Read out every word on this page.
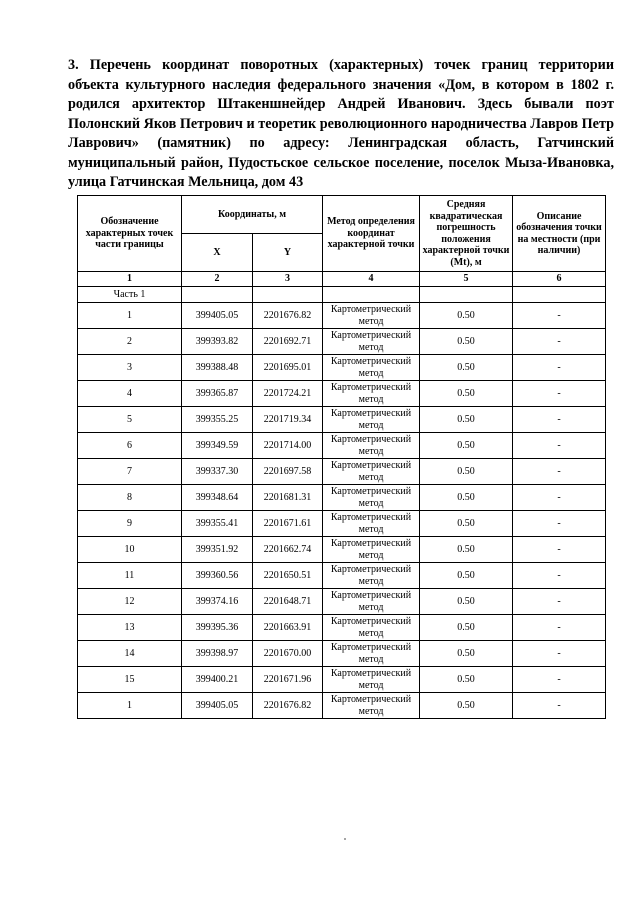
3. Перечень координат поворотных (характерных) точек границ территории объекта культурного наследия федерального значения «Дом, в котором в 1802 г. родился архитектор Штакеншнейдер Андрей Иванович. Здесь бывали поэт Полонский Яков Петрович и теоретик революционного народничества Лавров Петр Лаврович» (памятник) по адресу: Ленинградская область, Гатчинский муниципальный район, Пудостьское сельское поселение, поселок Мыза-Ивановка, улица Гатчинская Мельница, дом 43
Обозначение характерных точек части границы	Координаты, м		Метод определения координат характерной точки	Средняя квадратическая погрешность положения характерной точки (Mt), м	Описание обозначения точки на местности (при наличии)
	X	Y			
1	2	3	4	5	6
Часть 1					
1	399405.05	2201676.82	Картометрический метод	0.50	-
2	399393.82	2201692.71	Картометрический метод	0.50	-
3	399388.48	2201695.01	Картометрический метод	0.50	-
4	399365.87	2201724.21	Картометрический метод	0.50	-
5	399355.25	2201719.34	Картометрический метод	0.50	-
6	399349.59	2201714.00	Картометрический метод	0.50	-
7	399337.30	2201697.58	Картометрический метод	0.50	-
8	399348.64	2201681.31	Картометрический метод	0.50	-
9	399355.41	2201671.61	Картометрический метод	0.50	-
10	399351.92	2201662.74	Картометрический метод	0.50	-
11	399360.56	2201650.51	Картометрический метод	0.50	-
12	399374.16	2201648.71	Картометрический метод	0.50	-
13	399395.36	2201663.91	Картометрический метод	0.50	-
14	399398.97	2201670.00	Картометрический метод	0.50	-
15	399400.21	2201671.96	Картометрический метод	0.50	-
1	399405.05	2201676.82	Картометрический метод	0.50	-
